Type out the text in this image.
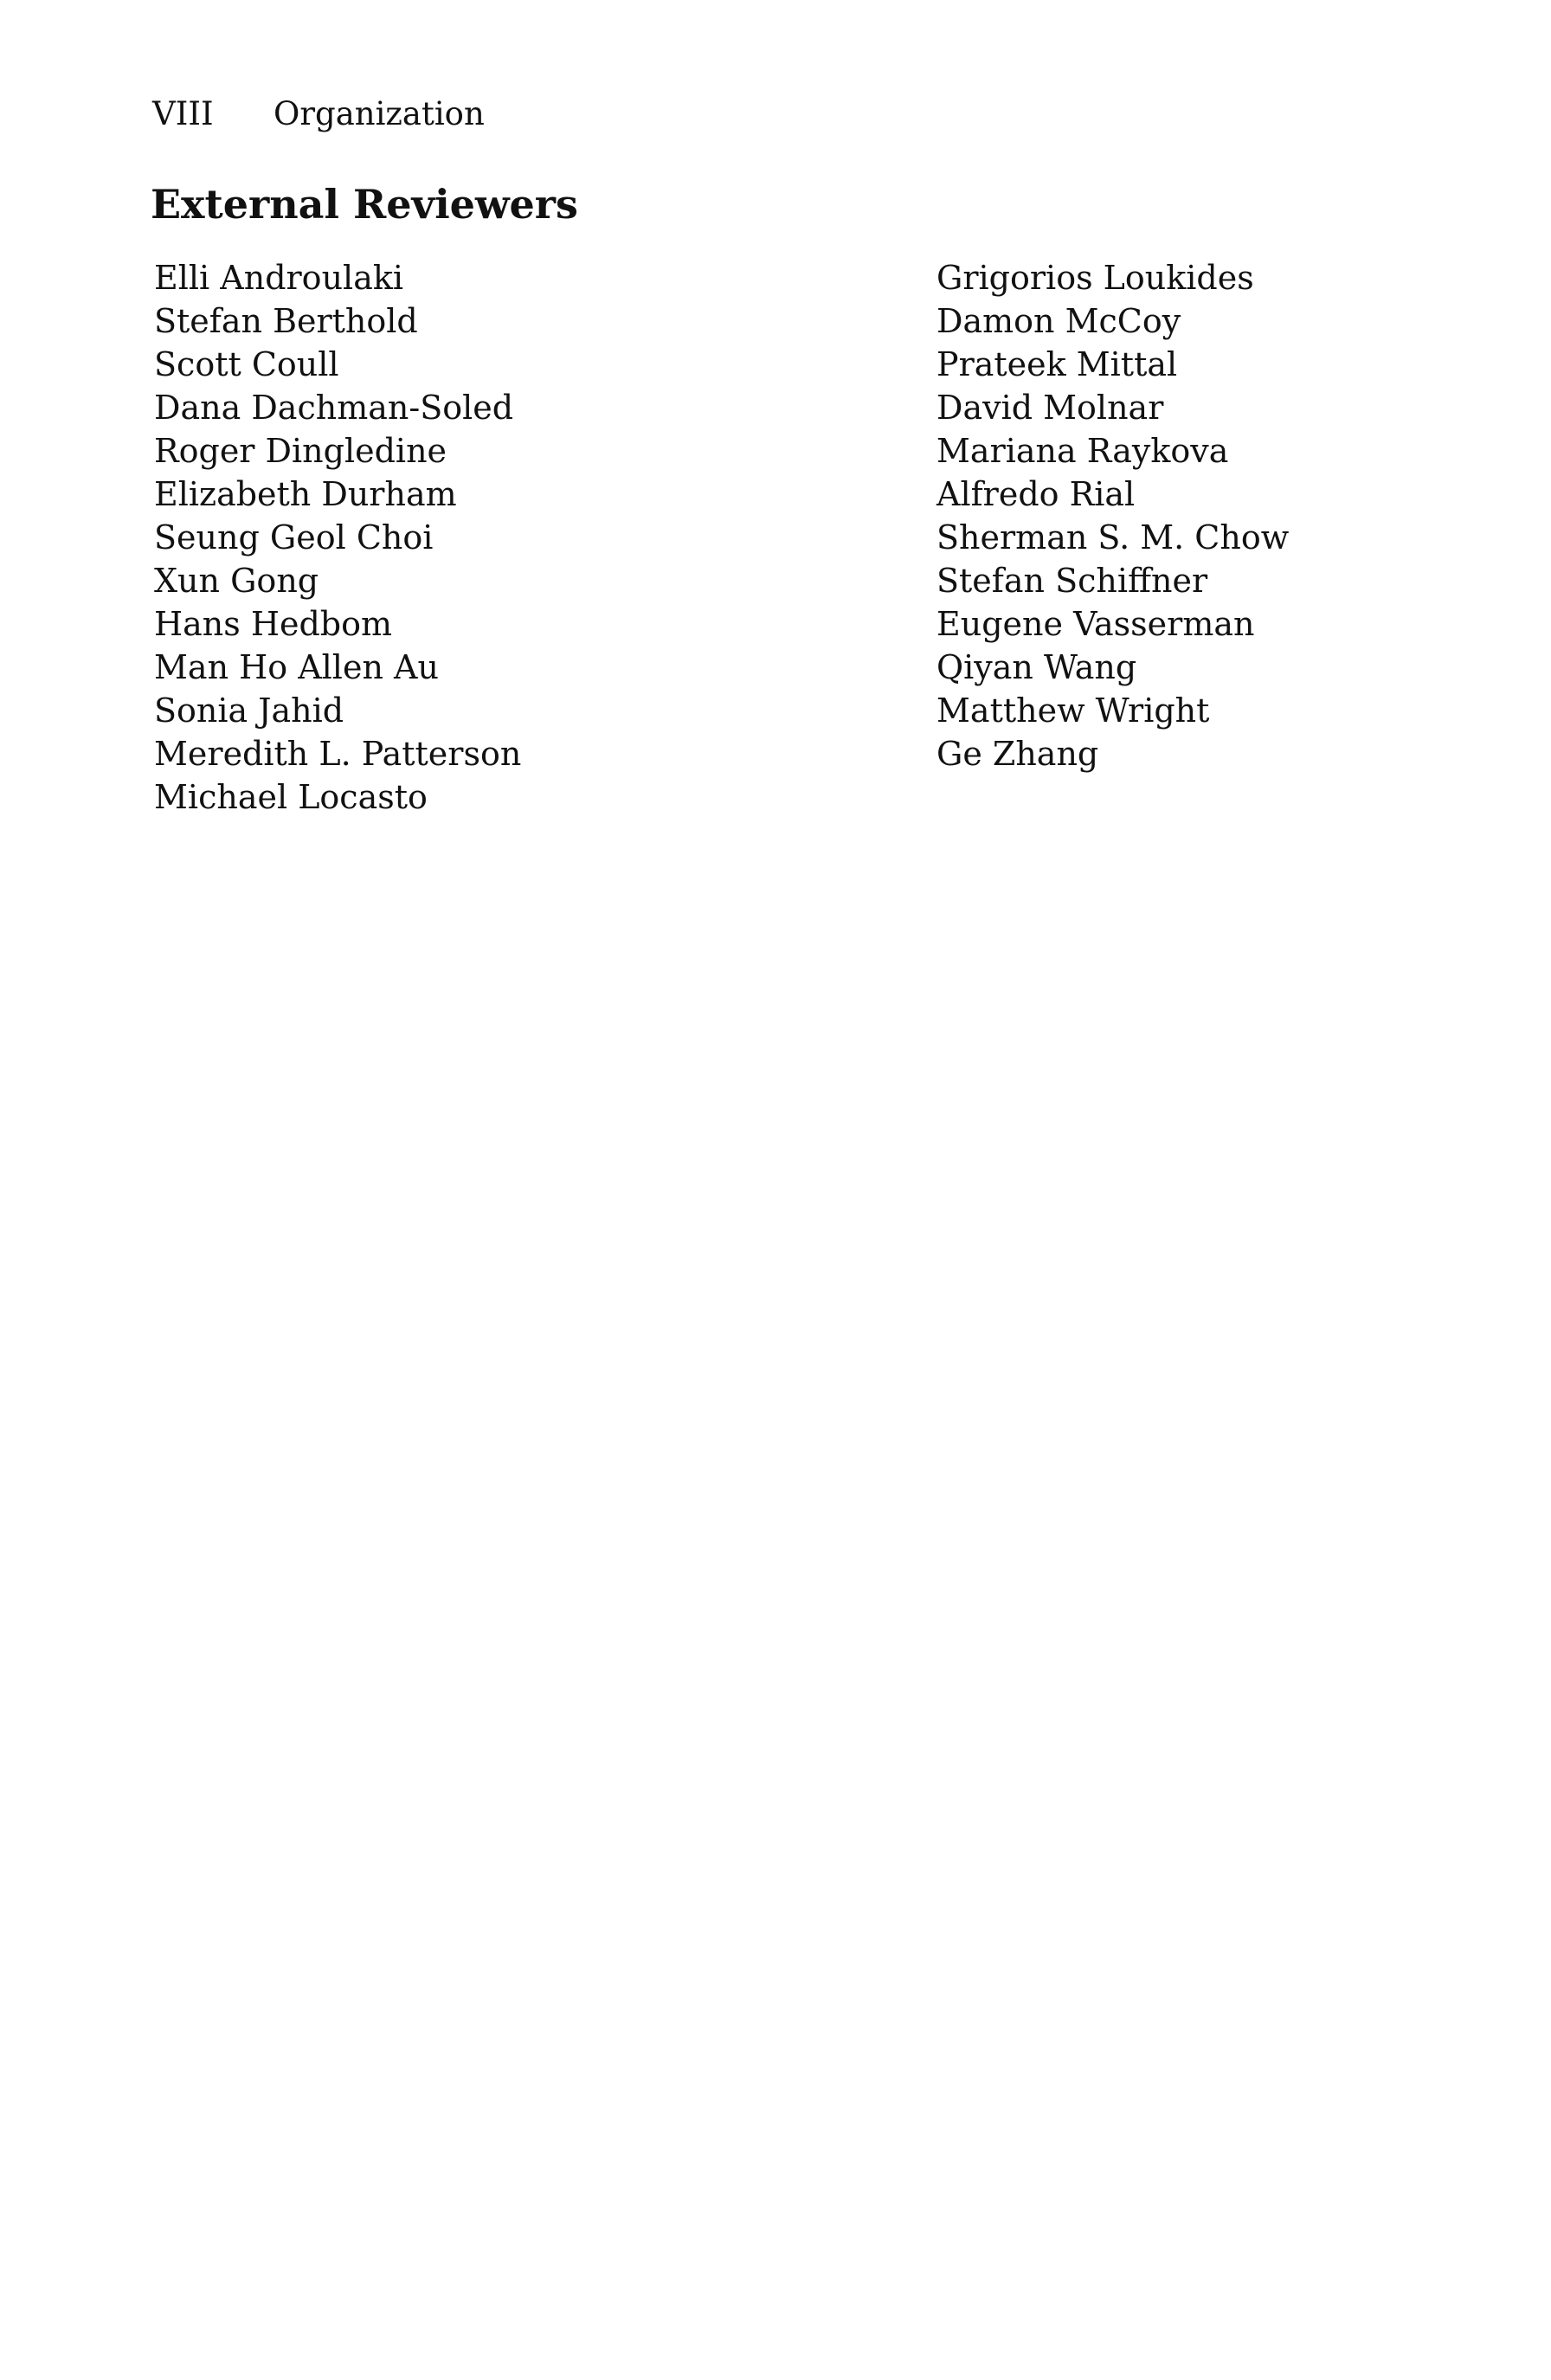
VIII Organization
External Reviewers
Elli Androulaki
Stefan Berthold
Scott Coull
Dana Dachman-Soled
Roger Dingledine
Elizabeth Durham
Seung Geol Choi
Xun Gong
Hans Hedbom
Man Ho Allen Au
Sonia Jahid
Meredith L. Patterson
Michael Locasto
Grigorios Loukides
Damon McCoy
Prateek Mittal
David Molnar
Mariana Raykova
Alfredo Rial
Sherman S. M. Chow
Stefan Schiffner
Eugene Vasserman
Qiyan Wang
Matthew Wright
Ge Zhang
